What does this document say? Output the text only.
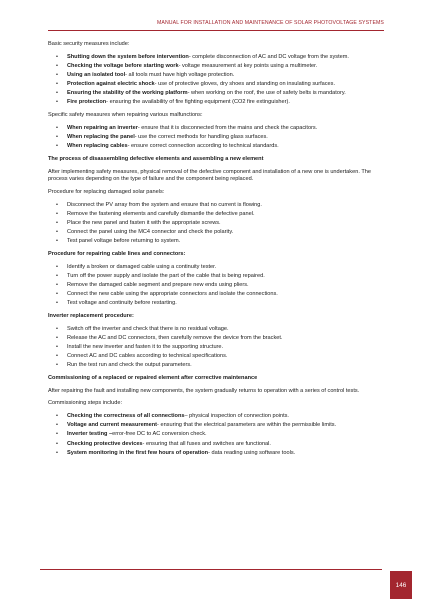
MANUAL FOR INSTALLATION AND MAINTENANCE OF SOLAR PHOTOVOLTAGE SYSTEMS

Basic security measures include:

• Shutting down the system before intervention- complete disconnection of AC and DC voltage from the system.
• Checking the voltage before starting work- voltage measurement at key points using a multimeter.
• Using an isolated tool- all tools must have high voltage protection.
• Protection against electric shock- use of protective gloves, dry shoes and standing on insulating surfaces.
• Ensuring the stability of the working platform- when working on the roof, the use of safety belts is mandatory.
• Fire protection- ensuring the availability of fire fighting equipment (CO2 fire extinguisher).

Specific safety measures when repairing various malfunctions:

• When repairing an inverter- ensure that it is disconnected from the mains and check the capacitors.
• When replacing the panel- use the correct methods for handling glass surfaces.
• When replacing cables- ensure correct connection according to technical standards.

The process of disassembling defective elements and assembling a new element

After implementing safety measures, physical removal of the defective component and installation of a new one is undertaken. The process varies depending on the type of failure and the component being replaced.

Procedure for replacing damaged solar panels:

• Disconnect the PV array from the system and ensure that no current is flowing.
• Remove the fastening elements and carefully dismantle the defective panel.
• Place the new panel and fasten it with the appropriate screws.
• Connect the panel using the MC4 connector and check the polarity.
• Test panel voltage before returning to system.

Procedure for repairing cable lines and connectors:

• Identify a broken or damaged cable using a continuity tester.
• Turn off the power supply and isolate the part of the cable that is being repaired.
• Remove the damaged cable segment and prepare new ends using pliers.
• Connect the new cable using the appropriate connectors and isolate the connections.
• Test voltage and continuity before restarting.

Inverter replacement procedure:

• Switch off the inverter and check that there is no residual voltage.
• Release the AC and DC connectors, then carefully remove the device from the bracket.
• Install the new inverter and fasten it to the supporting structure.
• Connect AC and DC cables according to technical specifications.
• Run the test run and check the output parameters.

Commissioning of a replaced or repaired element after corrective maintenance

After repairing the fault and installing new components, the system gradually returns to operation with a series of control tests.

Commissioning steps include:

• Checking the correctness of all connections– physical inspection of connection points.
• Voltage and current measurement- ensuring that the electrical parameters are within the permissible limits.
• Inverter testing –error-free DC to AC conversion check.
• Checking protective devices- ensuring that all fuses and switches are functional.
• System monitoring in the first few hours of operation- data reading using software tools.
146
